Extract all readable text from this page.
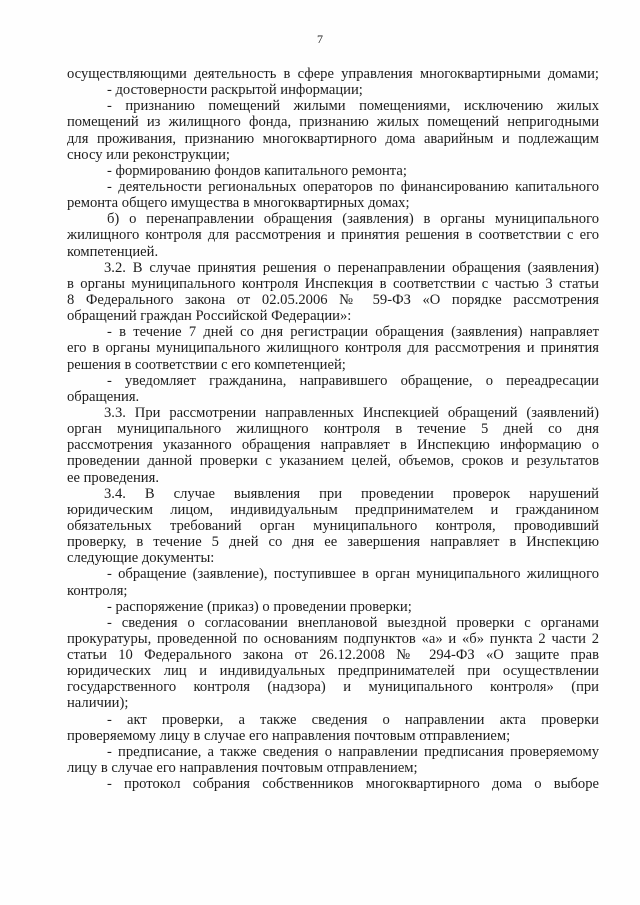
7
осуществляющими деятельность в сфере управления многоквартирными домами;
- достоверности раскрытой информации;
- признанию помещений жилыми помещениями, исключению жилых
помещений из жилищного фонда, признанию жилых помещений непригодными
для проживания, признанию многоквартирного дома аварийным и подлежащим
сносу или реконструкции;
- формированию фондов капитального ремонта;
- деятельности региональных операторов по финансированию капитального
ремонта общего имущества в многоквартирных домах;
б) о перенаправлении обращения (заявления) в органы муниципального
жилищного контроля для рассмотрения и принятия решения в соответствии с его
компетенцией.
3.2. В случае принятия решения о перенаправлении обращения (заявления)
в органы муниципального контроля Инспекция в соответствии с частью 3 статьи
8 Федерального закона от 02.05.2006 № 59-ФЗ «О порядке рассмотрения
обращений граждан Российской Федерации»:
- в течение 7 дней со дня регистрации обращения (заявления) направляет
его в органы муниципального жилищного контроля для рассмотрения и принятия
решения в соответствии с его компетенцией;
- уведомляет гражданина, направившего обращение, о переадресации
обращения.
3.3. При рассмотрении направленных Инспекцией обращений (заявлений)
орган муниципального жилищного контроля в течение 5 дней со дня
рассмотрения указанного обращения направляет в Инспекцию информацию о
проведении данной проверки с указанием целей, объемов, сроков и результатов
ее проведения.
3.4. В случае выявления при проведении проверок нарушений
юридическим лицом, индивидуальным предпринимателем и гражданином
обязательных требований орган муниципального контроля, проводивший
проверку, в течение 5 дней со дня ее завершения направляет в Инспекцию
следующие документы:
- обращение (заявление), поступившее в орган муниципального жилищного
контроля;
- распоряжение (приказ) о проведении проверки;
- сведения о согласовании внеплановой выездной проверки с органами
прокуратуры, проведенной по основаниям подпунктов «а» и «б» пункта 2 части 2
статьи 10 Федерального закона от 26.12.2008 № 294-ФЗ «О защите прав
юридических лиц и индивидуальных предпринимателей при осуществлении
государственного контроля (надзора) и муниципального контроля» (при
наличии);
- акт проверки, а также сведения о направлении акта проверки
проверяемому лицу в случае его направления почтовым отправлением;
- предписание, а также сведения о направлении предписания проверяемому
лицу в случае его направления почтовым отправлением;
- протокол собрания собственников многоквартирного дома о выборе
